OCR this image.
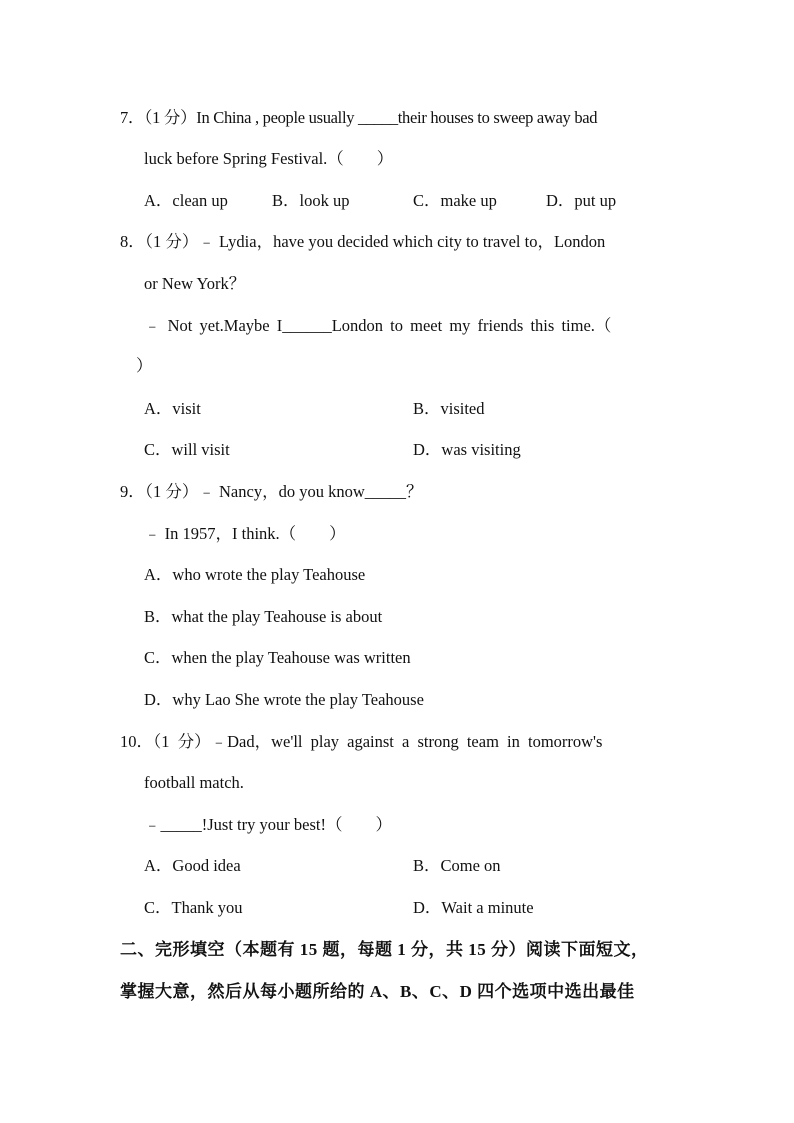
7．（1 分）In China , people usually _____their houses to sweep away bad
luck before Spring Festival.（　　）
A．clean up	B．look up	C．make up	D．put up
8．（1 分）﹣ Lydia，have you decided which city to travel to，London
or New York？
﹣ Not yet.Maybe I______London to meet my friends this time.（
）
A．visit	B．visited
C．will visit	D．was visiting
9．（1 分）﹣ Nancy，do you know_____？
﹣ In 1957，I think.（　　）
A．who wrote the play Teahouse
B．what the play Teahouse is about
C．when the play Teahouse was written
D．why Lao She wrote the play Teahouse
10．（1 分）﹣Dad，we'll play against a strong team in tomorrow's
football match.
﹣_____!Just try your best!（　　）
A．Good idea	B．Come on
C．Thank you	D．Wait a minute
二、完形填空（本题有 15 题，每题 1 分，共 15 分）阅读下面短文，
掌握大意，然后从每小题所给的 A、B、C、D 四个选项中选出最佳
